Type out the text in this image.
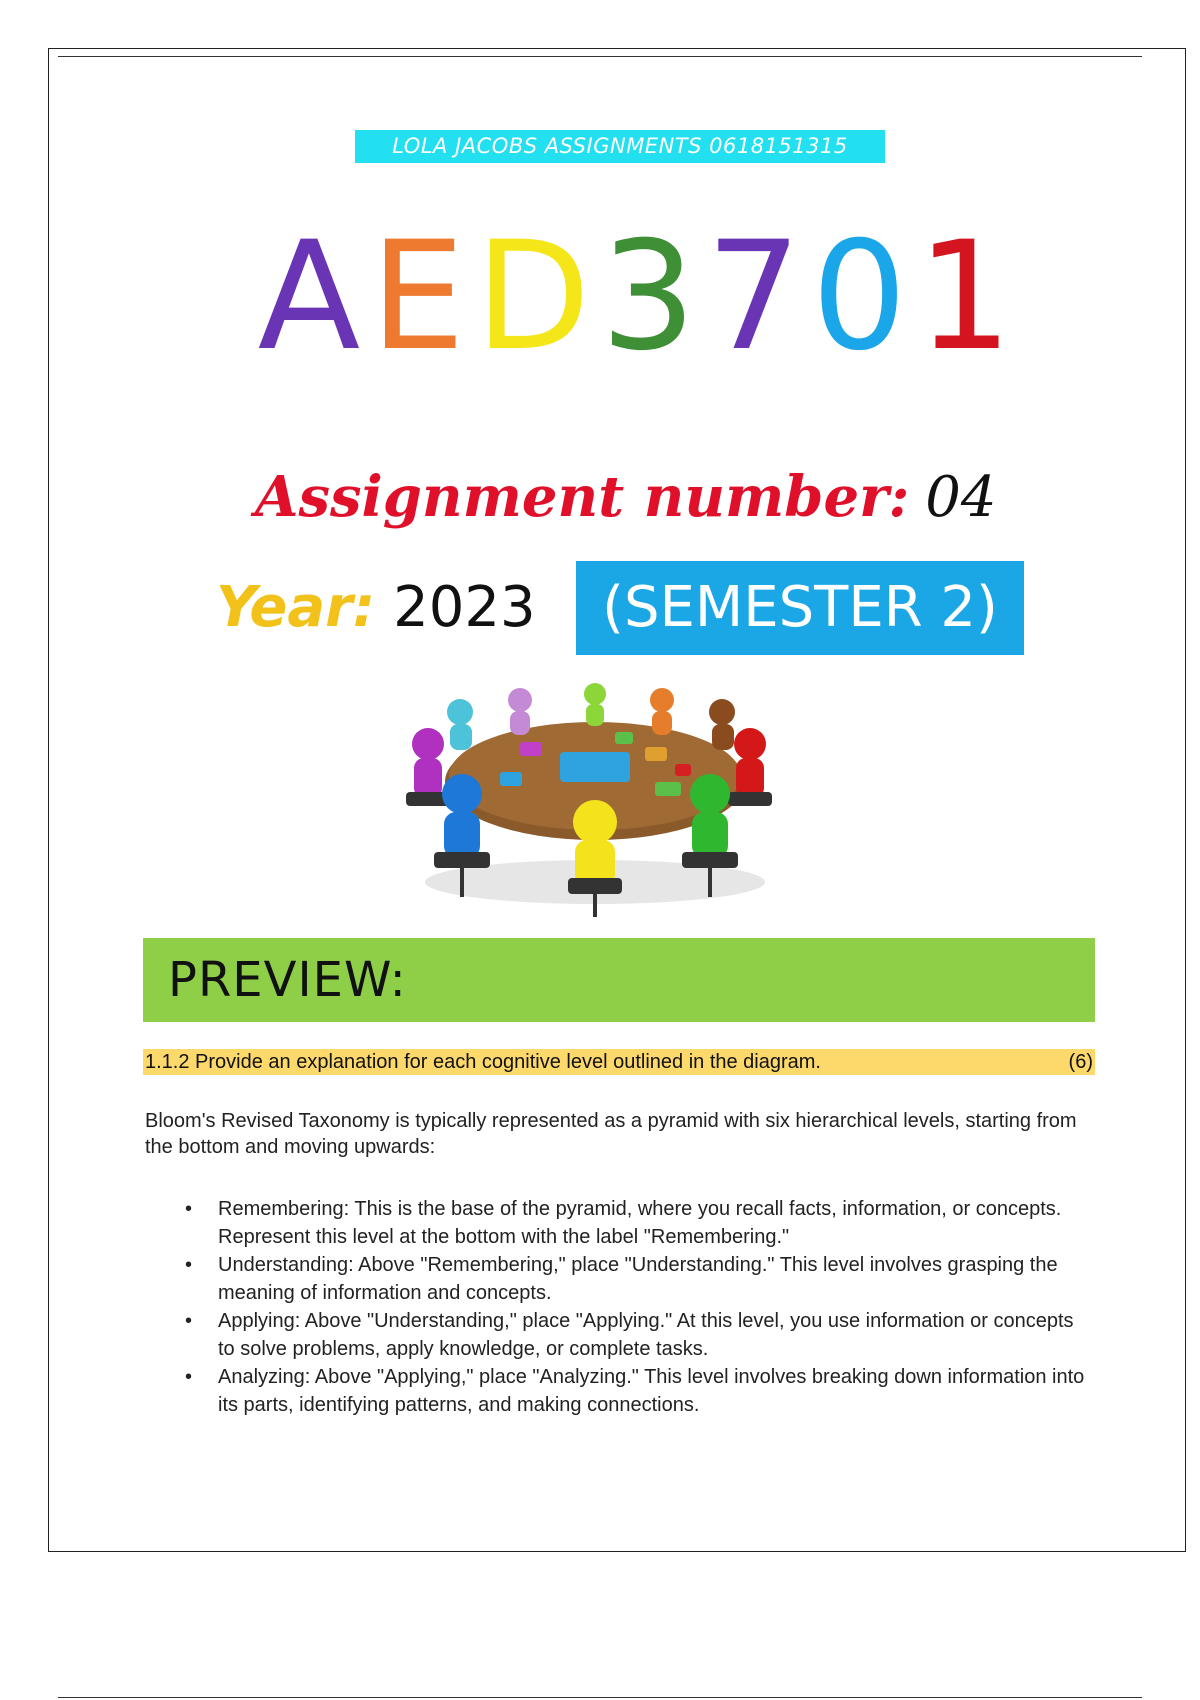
LOLA JACOBS ASSIGNMENTS 0618151315
A E D 3 7 0 1
Assignment number: 04
Year: 2023	(SEMESTER 2)
PREVIEW:
1.1.2 Provide an explanation for each cognitive level outlined in the diagram.	(6)

Bloom's Revised Taxonomy is typically represented as a pyramid with six hierarchical levels, starting from the bottom and moving upwards:

• Remembering: This is the base of the pyramid, where you recall facts, information, or concepts. Represent this level at the bottom with the label "Remembering."
• Understanding: Above "Remembering," place "Understanding." This level involves grasping the meaning of information and concepts.
• Applying: Above "Understanding," place "Applying." At this level, you use information or concepts to solve problems, apply knowledge, or complete tasks.
• Analyzing: Above "Applying," place "Analyzing." This level involves breaking down information into its parts, identifying patterns, and making connections.
